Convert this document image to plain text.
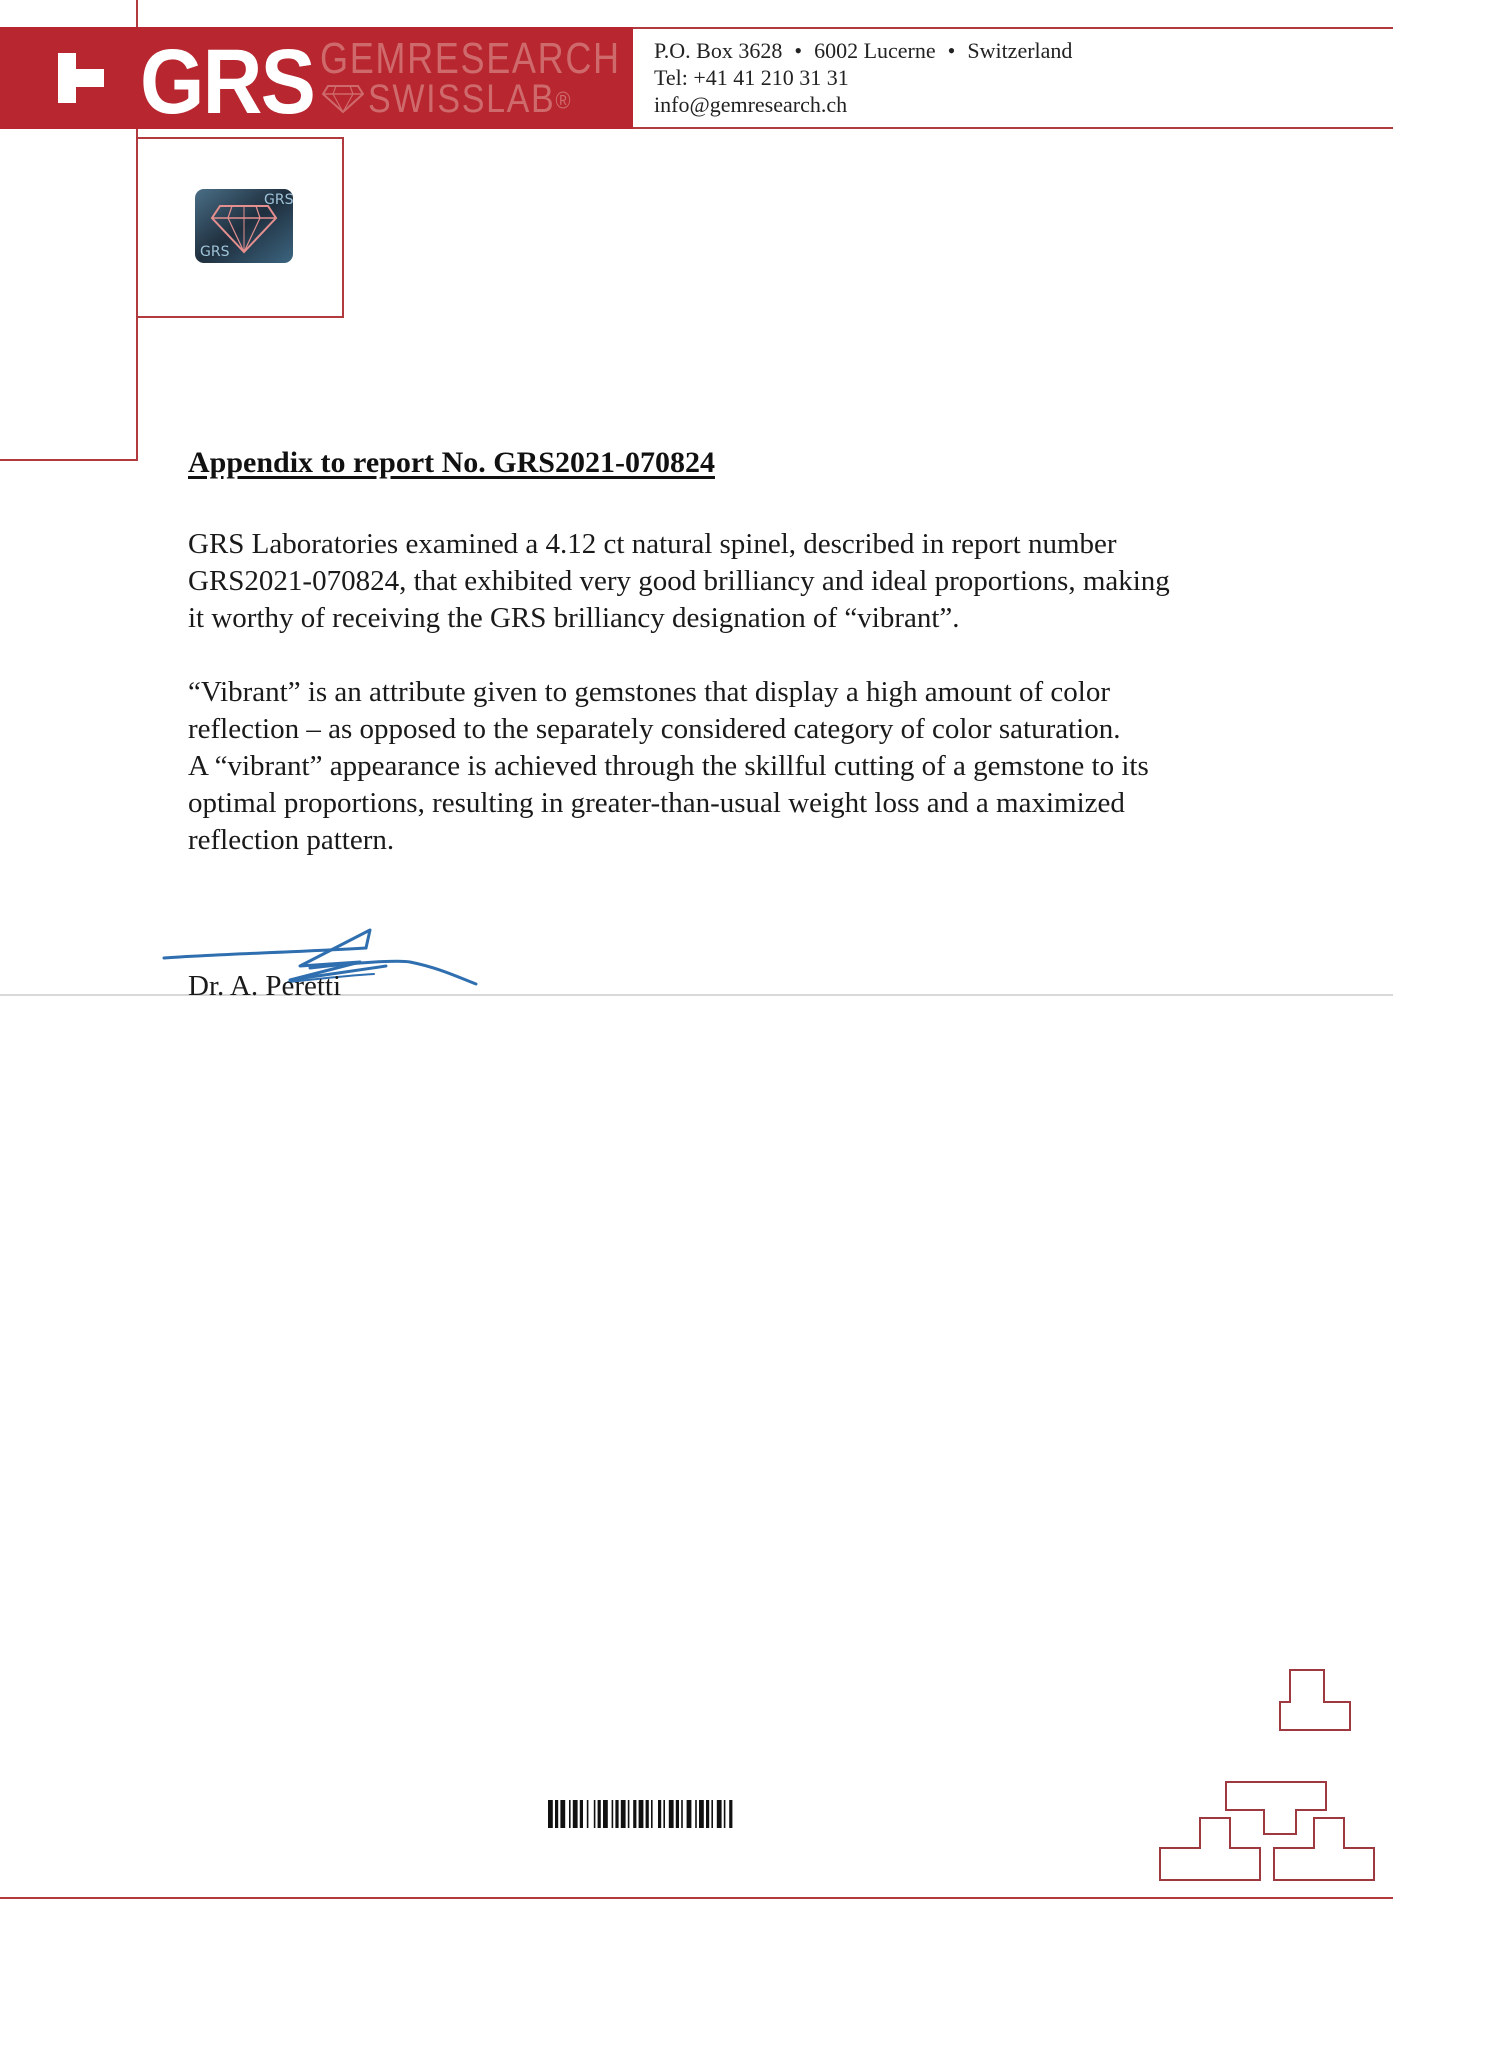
GRS GEMRESEARCH
SWISSLAB®
P.O. Box 3628 • 6002 Lucerne • Switzerland
Tel: +41 41 210 31 31
info@gemresearch.ch
GRS
GRS
Appendix to report No. GRS2021-070824
GRS Laboratories examined a 4.12 ct natural spinel, described in report number
GRS2021-070824, that exhibited very good brilliancy and ideal proportions, making
it worthy of receiving the GRS brilliancy designation of “vibrant”.
“Vibrant” is an attribute given to gemstones that display a high amount of color
reflection – as opposed to the separately considered category of color saturation.
A “vibrant” appearance is achieved through the skillful cutting of a gemstone to its
optimal proportions, resulting in greater-than-usual weight loss and a maximized
reflection pattern.
Dr. A. Peretti
